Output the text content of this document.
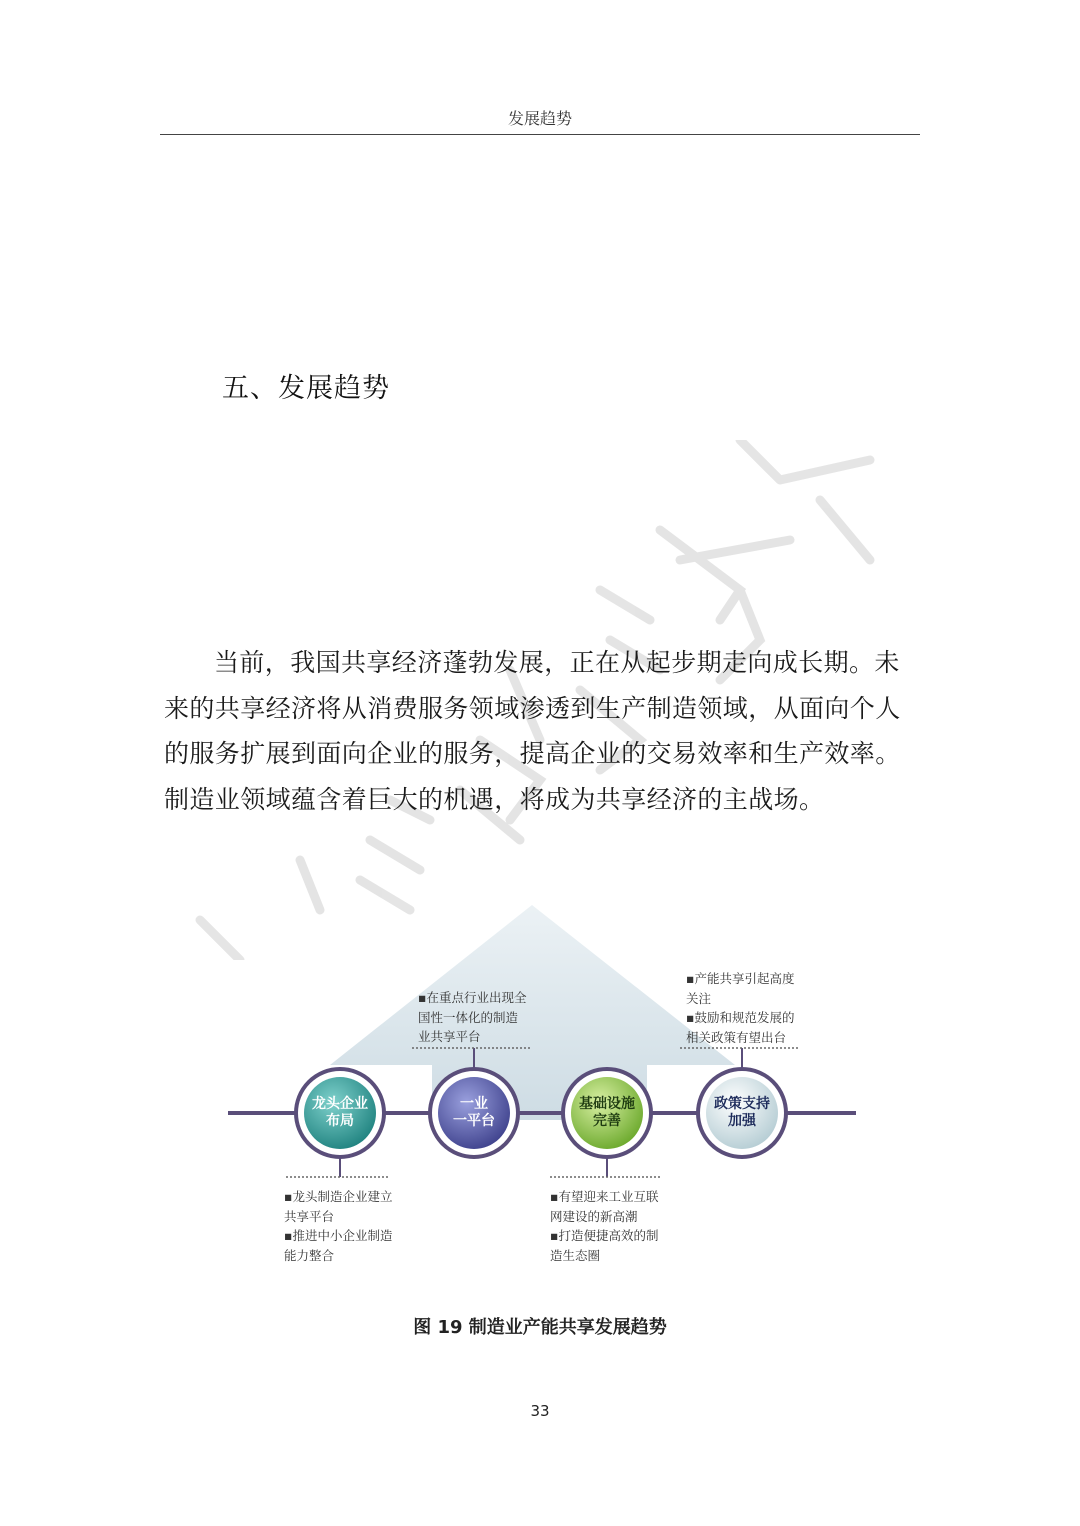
发展趋势
五、发展趋势

当前，我国共享经济蓬勃发展，正在从起步期走向成长期。未来的共享经济将从消费服务领域渗透到生产制造领域，从面向个人的服务扩展到面向企业的服务，提高企业的交易效率和生产效率。制造业领域蕴含着巨大的机遇，将成为共享经济的主战场。

龙头企业
布局
一业
一平台
基础设施
完善
政策支持
加强
▪在重点行业出现全
国性一体化的制造
业共享平台
▪产能共享引起高度
关注
▪鼓励和规范发展的
相关政策有望出台
▪龙头制造企业建立
共享平台
▪推进中小企业制造
能力整合
▪有望迎来工业互联
网建设的新高潮
▪打造便捷高效的制
造生态圈
图 19 制造业产能共享发展趋势
33
